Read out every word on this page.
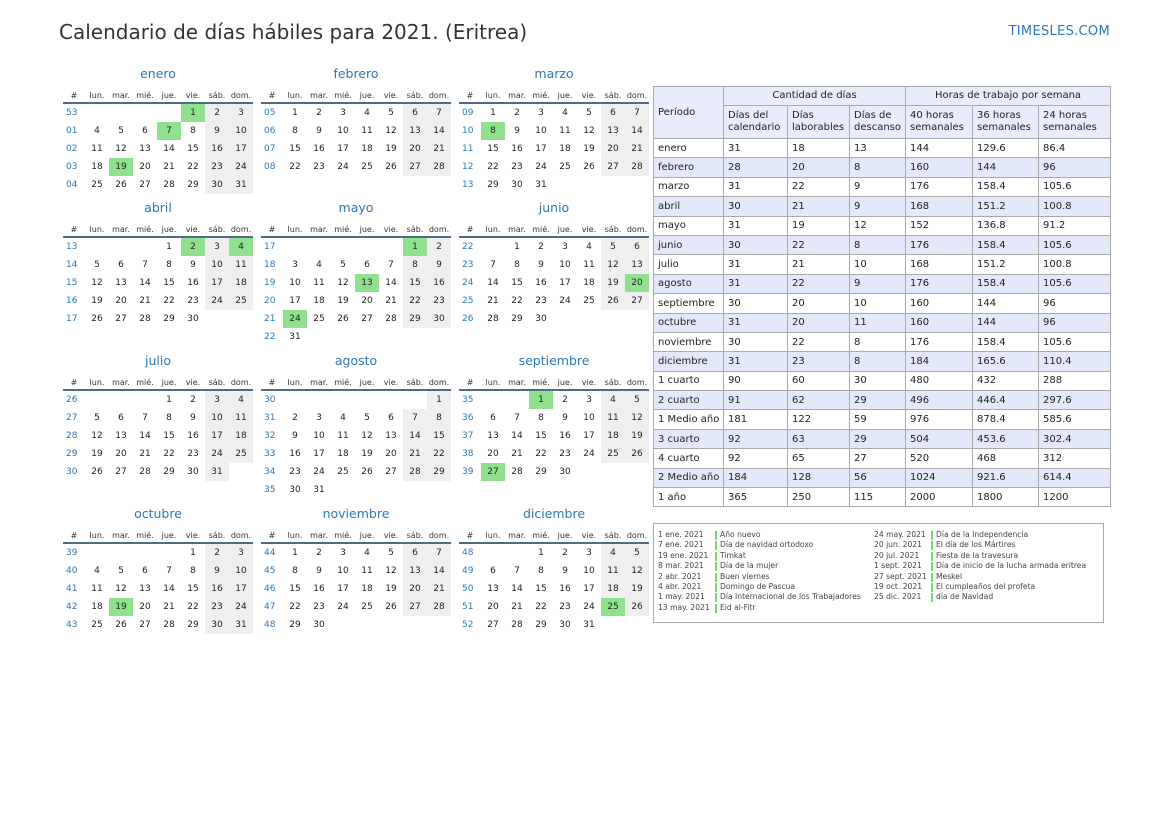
Calendario de días hábiles para 2021. (Eritrea)	TIMESLES.COM
enero
#	lun.	mar.	mié.	jue.	vie.	sáb.	dom.
53					1	2	3
01	4	5	6	7	8	9	10
02	11	12	13	14	15	16	17
03	18	19	20	21	22	23	24
04	25	26	27	28	29	30	31
febrero
#	lun.	mar.	mié.	jue.	vie.	sáb.	dom.
05	1	2	3	4	5	6	7
06	8	9	10	11	12	13	14
07	15	16	17	18	19	20	21
08	22	23	24	25	26	27	28
marzo
#	lun.	mar.	mié.	jue.	vie.	sáb.	dom.
09	1	2	3	4	5	6	7
10	8	9	10	11	12	13	14
11	15	16	17	18	19	20	21
12	22	23	24	25	26	27	28
13	29	30	31				
abril
#	lun.	mar.	mié.	jue.	vie.	sáb.	dom.
13				1	2	3	4
14	5	6	7	8	9	10	11
15	12	13	14	15	16	17	18
16	19	20	21	22	23	24	25
17	26	27	28	29	30		
mayo
#	lun.	mar.	mié.	jue.	vie.	sáb.	dom.
17						1	2
18	3	4	5	6	7	8	9
19	10	11	12	13	14	15	16
20	17	18	19	20	21	22	23
21	24	25	26	27	28	29	30
22	31						
junio
#	lun.	mar.	mié.	jue.	vie.	sáb.	dom.
22		1	2	3	4	5	6
23	7	8	9	10	11	12	13
24	14	15	16	17	18	19	20
25	21	22	23	24	25	26	27
26	28	29	30				
julio
#	lun.	mar.	mié.	jue.	vie.	sáb.	dom.
26				1	2	3	4
27	5	6	7	8	9	10	11
28	12	13	14	15	16	17	18
29	19	20	21	22	23	24	25
30	26	27	28	29	30	31	
agosto
#	lun.	mar.	mié.	jue.	vie.	sáb.	dom.
30							1
31	2	3	4	5	6	7	8
32	9	10	11	12	13	14	15
33	16	17	18	19	20	21	22
34	23	24	25	26	27	28	29
35	30	31					
septiembre
#	lun.	mar.	mié.	jue.	vie.	sáb.	dom.
35			1	2	3	4	5
36	6	7	8	9	10	11	12
37	13	14	15	16	17	18	19
38	20	21	22	23	24	25	26
39	27	28	29	30			
octubre
#	lun.	mar.	mié.	jue.	vie.	sáb.	dom.
39					1	2	3
40	4	5	6	7	8	9	10
41	11	12	13	14	15	16	17
42	18	19	20	21	22	23	24
43	25	26	27	28	29	30	31
noviembre
#	lun.	mar.	mié.	jue.	vie.	sáb.	dom.
44	1	2	3	4	5	6	7
45	8	9	10	11	12	13	14
46	15	16	17	18	19	20	21
47	22	23	24	25	26	27	28
48	29	30					
diciembre
#	lun.	mar.	mié.	jue.	vie.	sáb.	dom.
48			1	2	3	4	5
49	6	7	8	9	10	11	12
50	13	14	15	16	17	18	19
51	20	21	22	23	24	25	26
52	27	28	29	30	31		
Período	Cantidad de días			Horas de trabajo por semana		
	Días del calendario	Días laborables	Días de descanso	40 horas semanales	36 horas semanales	24 horas semanales
enero	31	18	13	144	129.6	86.4
febrero	28	20	8	160	144	96
marzo	31	22	9	176	158.4	105.6
abril	30	21	9	168	151.2	100.8
mayo	31	19	12	152	136.8	91.2
junio	30	22	8	176	158.4	105.6
julio	31	21	10	168	151.2	100.8
agosto	31	22	9	176	158.4	105.6
septiembre	30	20	10	160	144	96
octubre	31	20	11	160	144	96
noviembre	30	22	8	176	158.4	105.6
diciembre	31	23	8	184	165.6	110.4
1 cuarto	90	60	30	480	432	288
2 cuarto	91	62	29	496	446.4	297.6
1 Medio año	181	122	59	976	878.4	585.6
3 cuarto	92	63	29	504	453.6	302.4
4 cuarto	92	65	27	520	468	312
2 Medio año	184	128	56	1024	921.6	614.4
1 año	365	250	115	2000	1800	1200
1 ene. 2021 Año nuevo
7 ene. 2021 Día de navidad ortodoxo
19 ene. 2021 Timkat
8 mar. 2021 Día de la mujer
2 abr. 2021 Buen viernes
4 abr. 2021 Domingo de Pascua
1 may. 2021 Día Internacional de los Trabajadores
13 may. 2021 Eid al-Fitr
24 may. 2021 Día de la Independencia
20 jun. 2021 El día de los Mártires
20 jul. 2021 Fiesta de la travesura
1 sept. 2021 Día de inicio de la lucha armada eritrea
27 sept. 2021 Meskel
19 oct. 2021 El cumpleaños del profeta
25 dic. 2021 día de Navidad
